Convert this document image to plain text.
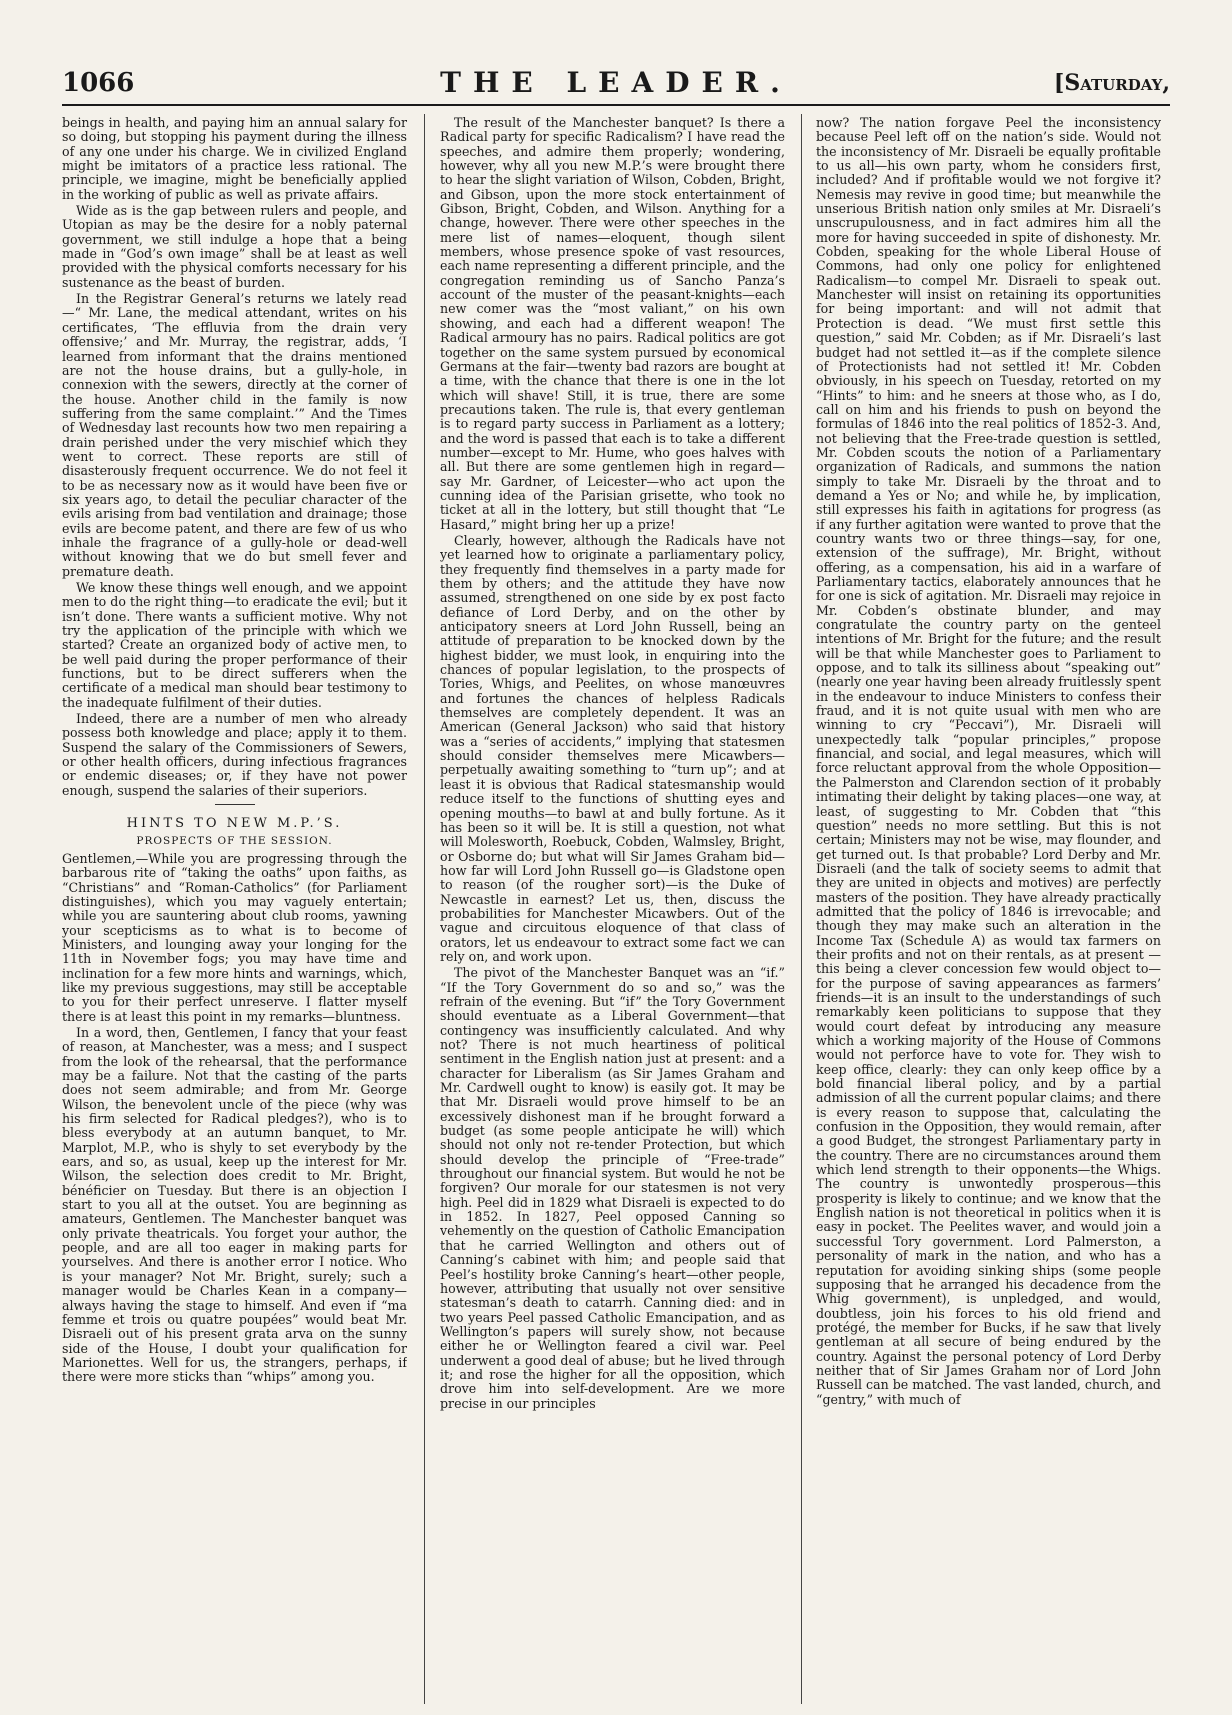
1066	THE LEADER.	[Saturday,

beings in health, and paying him an annual salary for so doing, but stopping his payment during the illness of any one under his charge. We in civilized England might be imitators of a practice less rational. The principle, we imagine, might be beneficially applied in the working of public as well as private affairs.

Wide as is the gap between rulers and people, and Utopian as may be the desire for a nobly paternal government, we still indulge a hope that a being made in “God’s own image” shall be at least as well provided with the physical comforts necessary for his sustenance as the beast of burden.

In the Registrar General’s returns we lately read—“ Mr. Lane, the medical attendant, writes on his certificates, ‘The effluvia from the drain very offensive;’ and Mr. Murray, the registrar, adds, ‘I learned from informant that the drains mentioned are not the house drains, but a gully-hole, in connexion with the sewers, directly at the corner of the house. Another child in the family is now suffering from the same complaint.’” And the Times of Wednesday last recounts how two men repairing a drain perished under the very mischief which they went to correct. These reports are still of disasterously frequent occurrence. We do not feel it to be as necessary now as it would have been five or six years ago, to detail the peculiar character of the evils arising from bad ventilation and drainage; those evils are become patent, and there are few of us who inhale the fragrance of a gully-hole or dead-well without knowing that we do but smell fever and premature death.

We know these things well enough, and we appoint men to do the right thing—to eradicate the evil; but it isn’t done. There wants a sufficient motive. Why not try the application of the principle with which we started? Create an organized body of active men, to be well paid during the proper performance of their functions, but to be direct sufferers when the certificate of a medical man should bear testimony to the inadequate fulfilment of their duties.

Indeed, there are a number of men who already possess both knowledge and place; apply it to them. Suspend the salary of the Commissioners of Sewers, or other health officers, during infectious fragrances or endemic diseases; or, if they have not power enough, suspend the salaries of their superiors.

HINTS TO NEW M.P.’S.
PROSPECTS OF THE SESSION.

Gentlemen,—While you are progressing through the barbarous rite of “taking the oaths” upon faiths, as “Christians” and “Roman-Catholics” (for Parliament distinguishes), which you may vaguely entertain; while you are sauntering about club rooms, yawning your scepticisms as to what is to become of Ministers, and lounging away your longing for the 11th in November fogs; you may have time and inclination for a few more hints and warnings, which, like my previous suggestions, may still be acceptable to you for their perfect unreserve. I flatter myself there is at least this point in my remarks—bluntness.

In a word, then, Gentlemen, I fancy that your feast of reason, at Manchester, was a mess; and I suspect from the look of the rehearsal, that the performance may be a failure. Not that the casting of the parts does not seem admirable; and from Mr. George Wilson, the benevolent uncle of the piece (why was his firm selected for Radical pledges?), who is to bless everybody at an autumn banquet, to Mr. Marplot, M.P., who is shyly to set everybody by the ears, and so, as usual, keep up the interest for Mr. Wilson, the selection does credit to Mr. Bright, bénéficier on Tuesday. But there is an objection I start to you all at the outset. You are beginning as amateurs, Gentlemen. The Manchester banquet was only private theatricals. You forget your author, the people, and are all too eager in making parts for yourselves. And there is another error I notice. Who is your manager? Not Mr. Bright, surely; such a manager would be Charles Kean in a company—always having the stage to himself. And even if “ma femme et trois ou quatre poupées” would beat Mr. Disraeli out of his present grata arva on the sunny side of the House, I doubt your qualification for Marionettes. Well for us, the strangers, perhaps, if there were more sticks than “whips” among you.

The result of the Manchester banquet? Is there a Radical party for specific Radicalism? I have read the speeches, and admire them properly; wondering, however, why all you new M.P.’s were brought there to hear the slight variation of Wilson, Cobden, Bright, and Gibson, upon the more stock entertainment of Gibson, Bright, Cobden, and Wilson. Anything for a change, however. There were other speeches in the mere list of names—eloquent, though silent members, whose presence spoke of vast resources, each name representing a different principle, and the congregation reminding us of Sancho Panza’s account of the muster of the peasant-knights—each new comer was the “most valiant,” on his own showing, and each had a different weapon! The Radical armoury has no pairs. Radical politics are got together on the same system pursued by economical Germans at the fair—twenty bad razors are bought at a time, with the chance that there is one in the lot which will shave! Still, it is true, there are some precautions taken. The rule is, that every gentleman is to regard party success in Parliament as a lottery; and the word is passed that each is to take a different number—except to Mr. Hume, who goes halves with all. But there are some gentlemen high in regard—say Mr. Gardner, of Leicester—who act upon the cunning idea of the Parisian grisette, who took no ticket at all in the lottery, but still thought that “Le Hasard,” might bring her up a prize!

Clearly, however, although the Radicals have not yet learned how to originate a parliamentary policy, they frequently find themselves in a party made for them by others; and the attitude they have now assumed, strengthened on one side by ex post facto defiance of Lord Derby, and on the other by anticipatory sneers at Lord John Russell, being an attitude of preparation to be knocked down by the highest bidder, we must look, in enquiring into the chances of popular legislation, to the prospects of Tories, Whigs, and Peelites, on whose manœuvres and fortunes the chances of helpless Radicals themselves are completely dependent. It was an American (General Jackson) who said that history was a “series of accidents,” implying that statesmen should consider themselves mere Micawbers—perpetually awaiting something to “turn up”; and at least it is obvious that Radical statesmanship would reduce itself to the functions of shutting eyes and opening mouths—to bawl at and bully fortune. As it has been so it will be. It is still a question, not what will Molesworth, Roebuck, Cobden, Walmsley, Bright, or Osborne do; but what will Sir James Graham bid—how far will Lord John Russell go—is Gladstone open to reason (of the rougher sort)—is the Duke of Newcastle in earnest? Let us, then, discuss the probabilities for Manchester Micawbers. Out of the vague and circuitous eloquence of that class of orators, let us endeavour to extract some fact we can rely on, and work upon.

The pivot of the Manchester Banquet was an “if.” “If the Tory Government do so and so,” was the refrain of the evening. But “if” the Tory Government should eventuate as a Liberal Government—that contingency was insufficiently calculated. And why not? There is not much heartiness of political sentiment in the English nation just at present: and a character for Liberalism (as Sir James Graham and Mr. Cardwell ought to know) is easily got. It may be that Mr. Disraeli would prove himself to be an excessively dishonest man if he brought forward a budget (as some people anticipate he will) which should not only not re-tender Protection, but which should develop the principle of “Free-trade” throughout our financial system. But would he not be forgiven? Our morale for our statesmen is not very high. Peel did in 1829 what Disraeli is expected to do in 1852. In 1827, Peel opposed Canning so vehemently on the question of Catholic Emancipation that he carried Wellington and others out of Canning’s cabinet with him; and people said that Peel’s hostility broke Canning’s heart—other people, however, attributing that usually not over sensitive statesman’s death to catarrh. Canning died: and in two years Peel passed Catholic Emancipation, and as Wellington’s papers will surely show, not because either he or Wellington feared a civil war. Peel underwent a good deal of abuse; but he lived through it; and rose the higher for all the opposition, which drove him into self-development. Are we more precise in our principles

now? The nation forgave Peel the inconsistency because Peel left off on the nation’s side. Would not the inconsistency of Mr. Disraeli be equally profitable to us all—his own party, whom he considers first, included? And if profitable would we not forgive it? Nemesis may revive in good time; but meanwhile the unserious British nation only smiles at Mr. Disraeli’s unscrupulousness, and in fact admires him all the more for having succeeded in spite of dishonesty. Mr. Cobden, speaking for the whole Liberal House of Commons, had only one policy for enlightened Radicalism—to compel Mr. Disraeli to speak out. Manchester will insist on retaining its opportunities for being important: and will not admit that Protection is dead. “We must first settle this question,” said Mr. Cobden; as if Mr. Disraeli’s last budget had not settled it—as if the complete silence of Protectionists had not settled it! Mr. Cobden obviously, in his speech on Tuesday, retorted on my “Hints” to him: and he sneers at those who, as I do, call on him and his friends to push on beyond the formulas of 1846 into the real politics of 1852-3. And, not believing that the Free-trade question is settled, Mr. Cobden scouts the notion of a Parliamentary organization of Radicals, and summons the nation simply to take Mr. Disraeli by the throat and to demand a Yes or No; and while he, by implication, still expresses his faith in agitations for progress (as if any further agitation were wanted to prove that the country wants two or three things—say, for one, extension of the suffrage), Mr. Bright, without offering, as a compensation, his aid in a warfare of Parliamentary tactics, elaborately announces that he for one is sick of agitation. Mr. Disraeli may rejoice in Mr. Cobden’s obstinate blunder, and may congratulate the country party on the genteel intentions of Mr. Bright for the future; and the result will be that while Manchester goes to Parliament to oppose, and to talk its silliness about “speaking out” (nearly one year having been already fruitlessly spent in the endeavour to induce Ministers to confess their fraud, and it is not quite usual with men who are winning to cry “Peccavi”), Mr. Disraeli will unexpectedly talk “popular principles,” propose financial, and social, and legal measures, which will force reluctant approval from the whole Opposition—the Palmerston and Clarendon section of it probably intimating their delight by taking places—one way, at least, of suggesting to Mr. Cobden that “this question” needs no more settling. But this is not certain; Ministers may not be wise, may flounder, and get turned out. Is that probable? Lord Derby and Mr. Disraeli (and the talk of society seems to admit that they are united in objects and motives) are perfectly masters of the position. They have already practically admitted that the policy of 1846 is irrevocable; and though they may make such an alteration in the Income Tax (Schedule A) as would tax farmers on their profits and not on their rentals, as at present — this being a clever concession few would object to—for the purpose of saving appearances as farmers’ friends—it is an insult to the understandings of such remarkably keen politicians to suppose that they would court defeat by introducing any measure which a working majority of the House of Commons would not perforce have to vote for. They wish to keep office, clearly: they can only keep office by a bold financial liberal policy, and by a partial admission of all the current popular claims; and there is every reason to suppose that, calculating the confusion in the Opposition, they would remain, after a good Budget, the strongest Parliamentary party in the country. There are no circumstances around them which lend strength to their opponents—the Whigs. The country is unwontedly prosperous—this prosperity is likely to continue; and we know that the English nation is not theoretical in politics when it is easy in pocket. The Peelites waver, and would join a successful Tory government. Lord Palmerston, a personality of mark in the nation, and who has a reputation for avoiding sinking ships (some people supposing that he arranged his decadence from the Whig government), is unpledged, and would, doubtless, join his forces to his old friend and protégé, the member for Bucks, if he saw that lively gentleman at all secure of being endured by the country. Against the personal potency of Lord Derby neither that of Sir James Graham nor of Lord John Russell can be matched. The vast landed, church, and “gentry,” with much of
